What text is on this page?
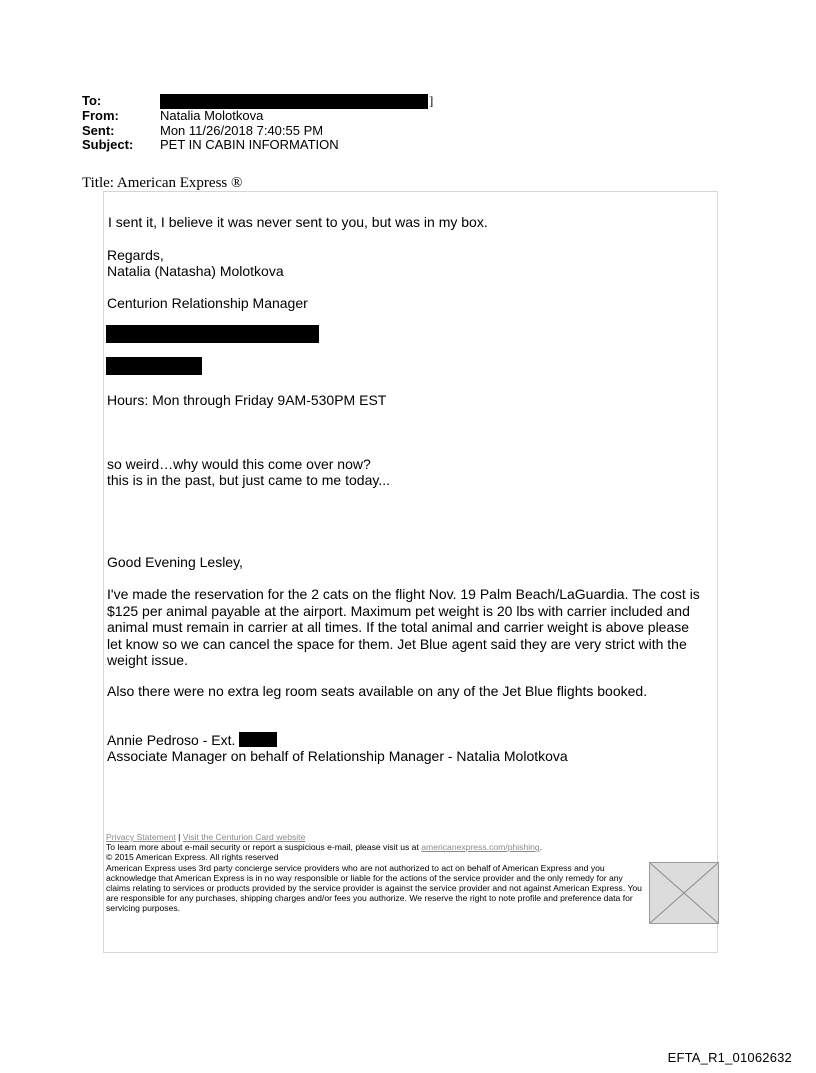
To:	]
From:	Natalia Molotkova
Sent:	Mon 11/26/2018 7:40:55 PM
Subject:	PET IN CABIN INFORMATION
Title: American Express ®
I sent it, I believe it was never sent to you, but was in my box.
Regards,
Natalia (Natasha) Molotkova
Centurion Relationship Manager
Hours: Mon through Friday 9AM-530PM EST
so weird…why would this come over now?
this is in the past, but just came to me today...
Good Evening Lesley,
I've made the reservation for the 2 cats on the flight Nov. 19 Palm Beach/LaGuardia. The cost is $125 per animal payable at the airport. Maximum pet weight is 20 lbs with carrier included and animal must remain in carrier at all times. If the total animal and carrier weight is above please let know so we can cancel the space for them. Jet Blue agent said they are very strict with the weight issue.
Also there were no extra leg room seats available on any of the Jet Blue flights booked.
Annie Pedroso - Ext.
Associate Manager on behalf of Relationship Manager - Natalia Molotkova
Privacy Statement | Visit the Centurion Card website
To learn more about e-mail security or report a suspicious e-mail, please visit us at americanexpress.com/phishing.
© 2015 American Express. All rights reserved
American Express uses 3rd party concierge service providers who are not authorized to act on behalf of American Express and you acknowledge that American Express is in no way responsible or liable for the actions of the service provider and the only remedy for any claims relating to services or products provided by the service provider is against the service provider and not against American Express. You are responsible for any purchases, shipping charges and/or fees you authorize. We reserve the right to note profile and preference data for servicing purposes.
EFTA_R1_01062632
